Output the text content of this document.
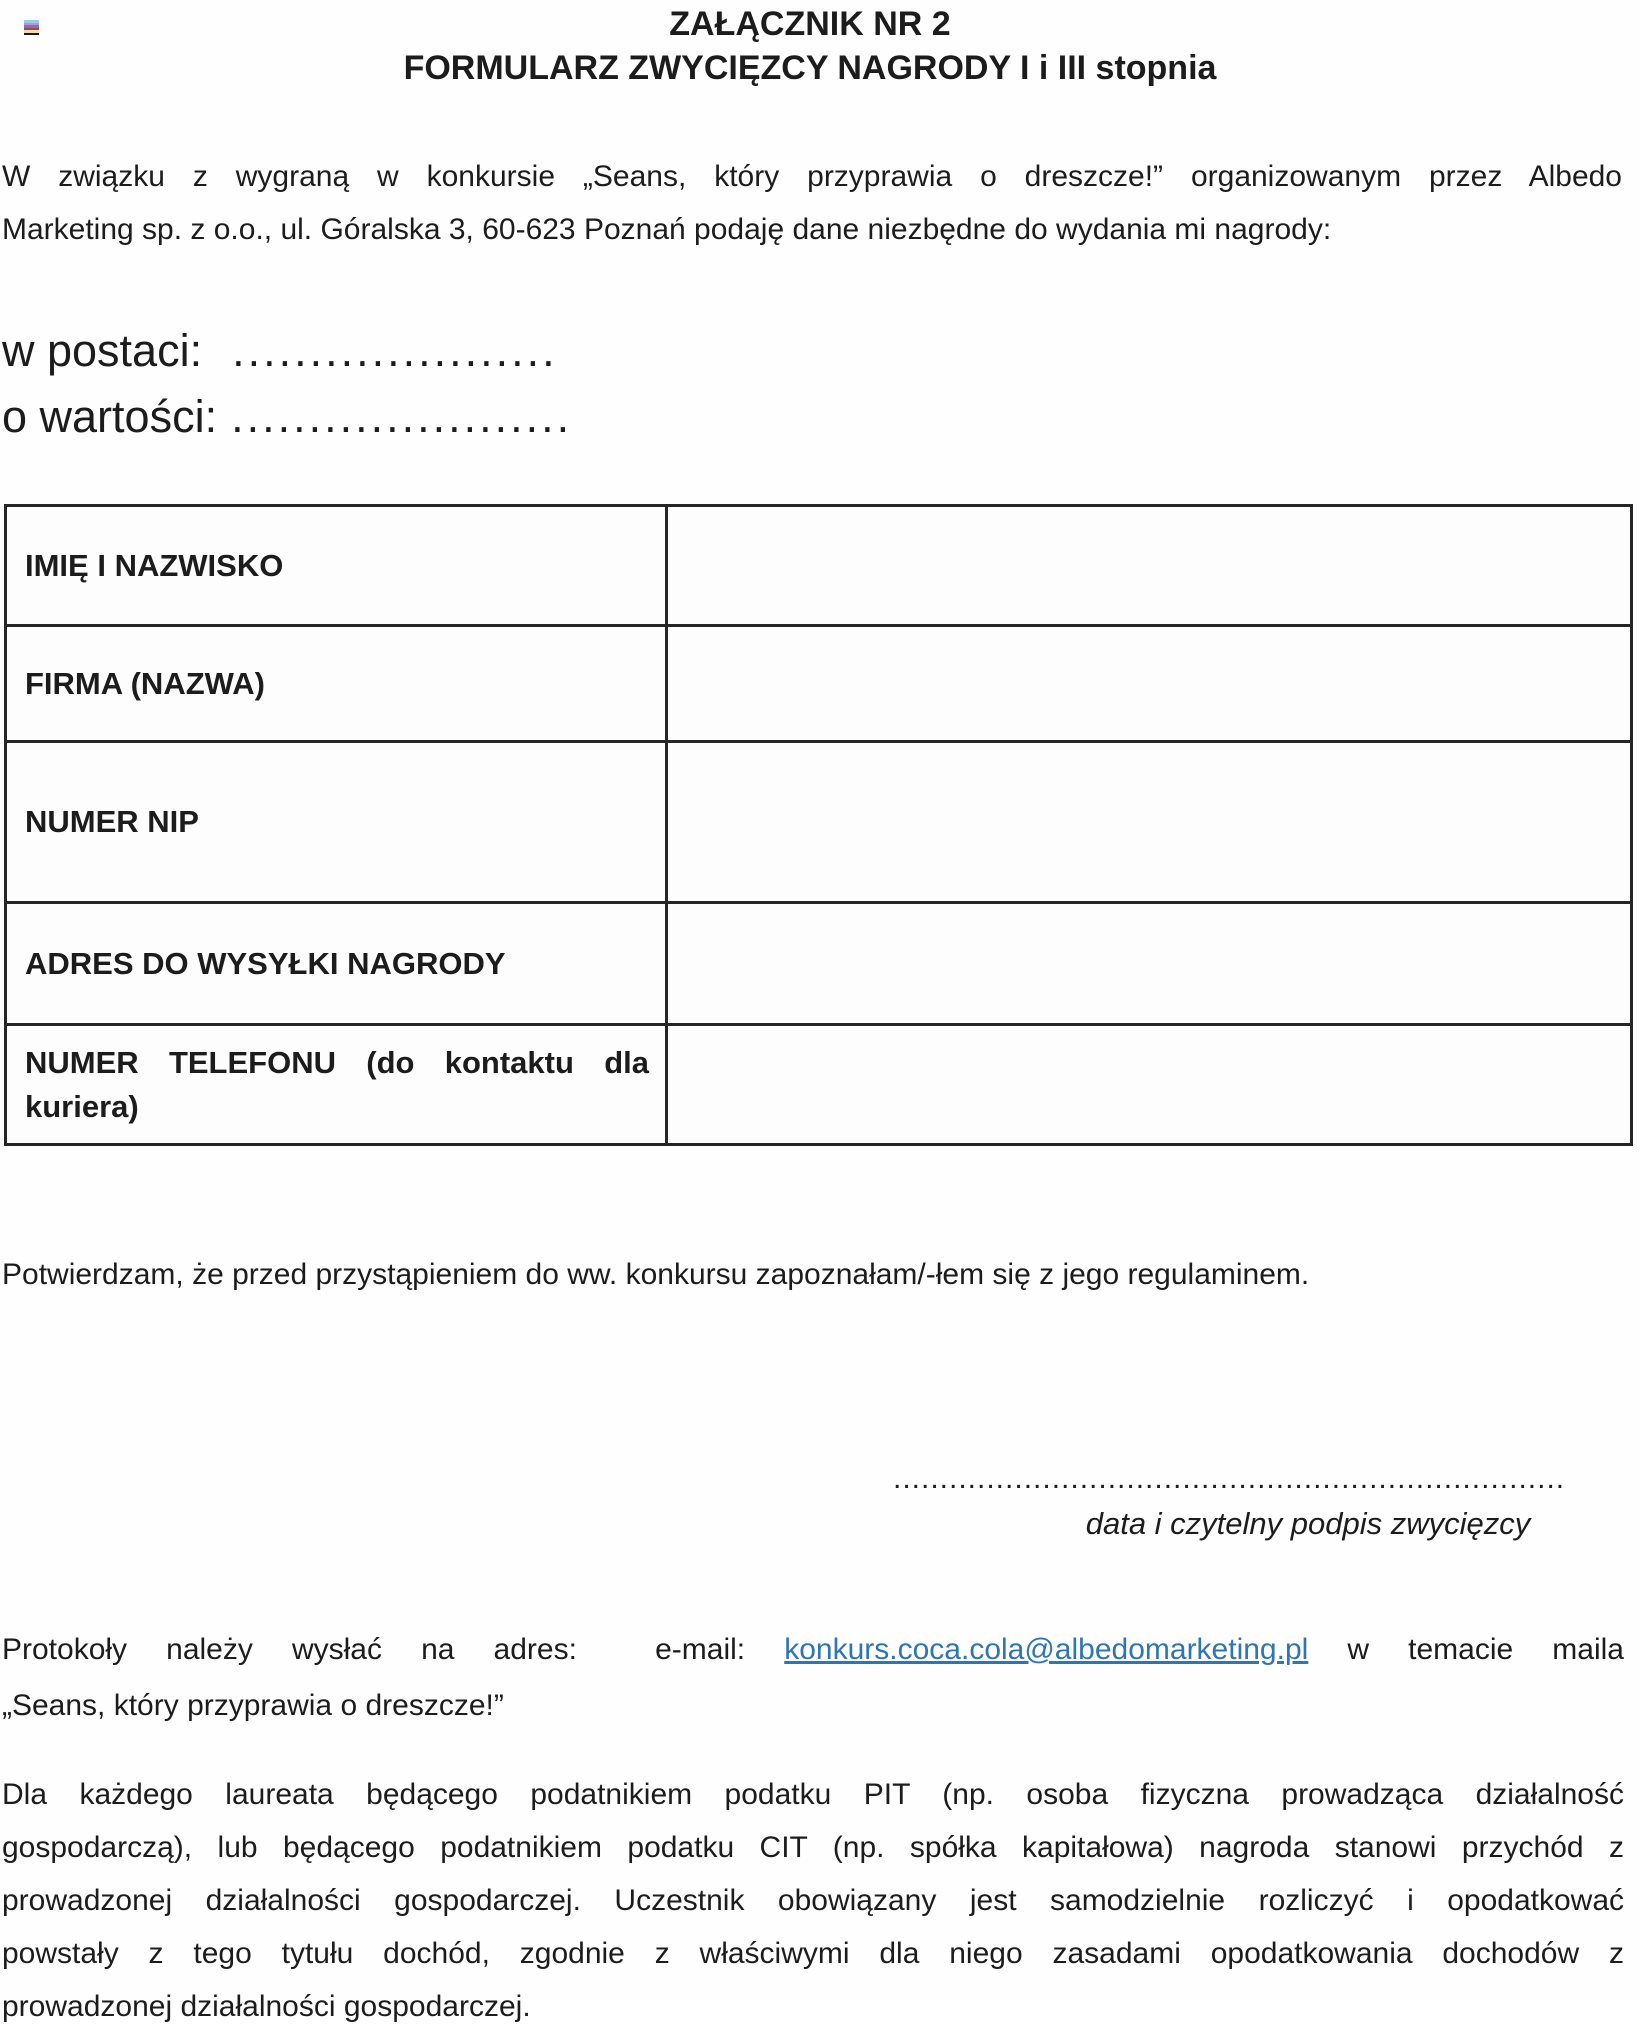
ZAŁĄCZNIK NR 2
FORMULARZ ZWYCIĘZCY NAGRODY I i III stopnia
W związku z wygraną w konkursie „Seans, który przyprawia o dreszcze!” organizowanym przez Albedo
Marketing sp. z o.o., ul. Góralska 3, 60-623 Poznań podaję dane niezbędne do wydania mi nagrody:
w postaci: .....................
o wartości: ......................
IMIĘ I NAZWISKO
FIRMA (NAZWA)
NUMER NIP
ADRES DO WYSYŁKI NAGRODY
NUMER TELEFONU (do kontaktu dla kuriera)
Potwierdzam, że przed przystąpieniem do ww. konkursu zapoznałam/-łem się z jego regulaminem.
........................................................................
data i czytelny podpis zwycięzcy
Protokoły należy wysłać na adres:  e-mail: konkurs.coca.cola@albedomarketing.pl w temacie maila
„Seans, który przyprawia o dreszcze!”
Dla każdego laureata będącego podatnikiem podatku PIT (np. osoba fizyczna prowadząca działalność
gospodarczą), lub będącego podatnikiem podatku CIT (np. spółka kapitałowa) nagroda stanowi przychód z
prowadzonej działalności gospodarczej. Uczestnik obowiązany jest samodzielnie rozliczyć i opodatkować
powstały z tego tytułu dochód, zgodnie z właściwymi dla niego zasadami opodatkowania dochodów z
prowadzonej działalności gospodarczej.
